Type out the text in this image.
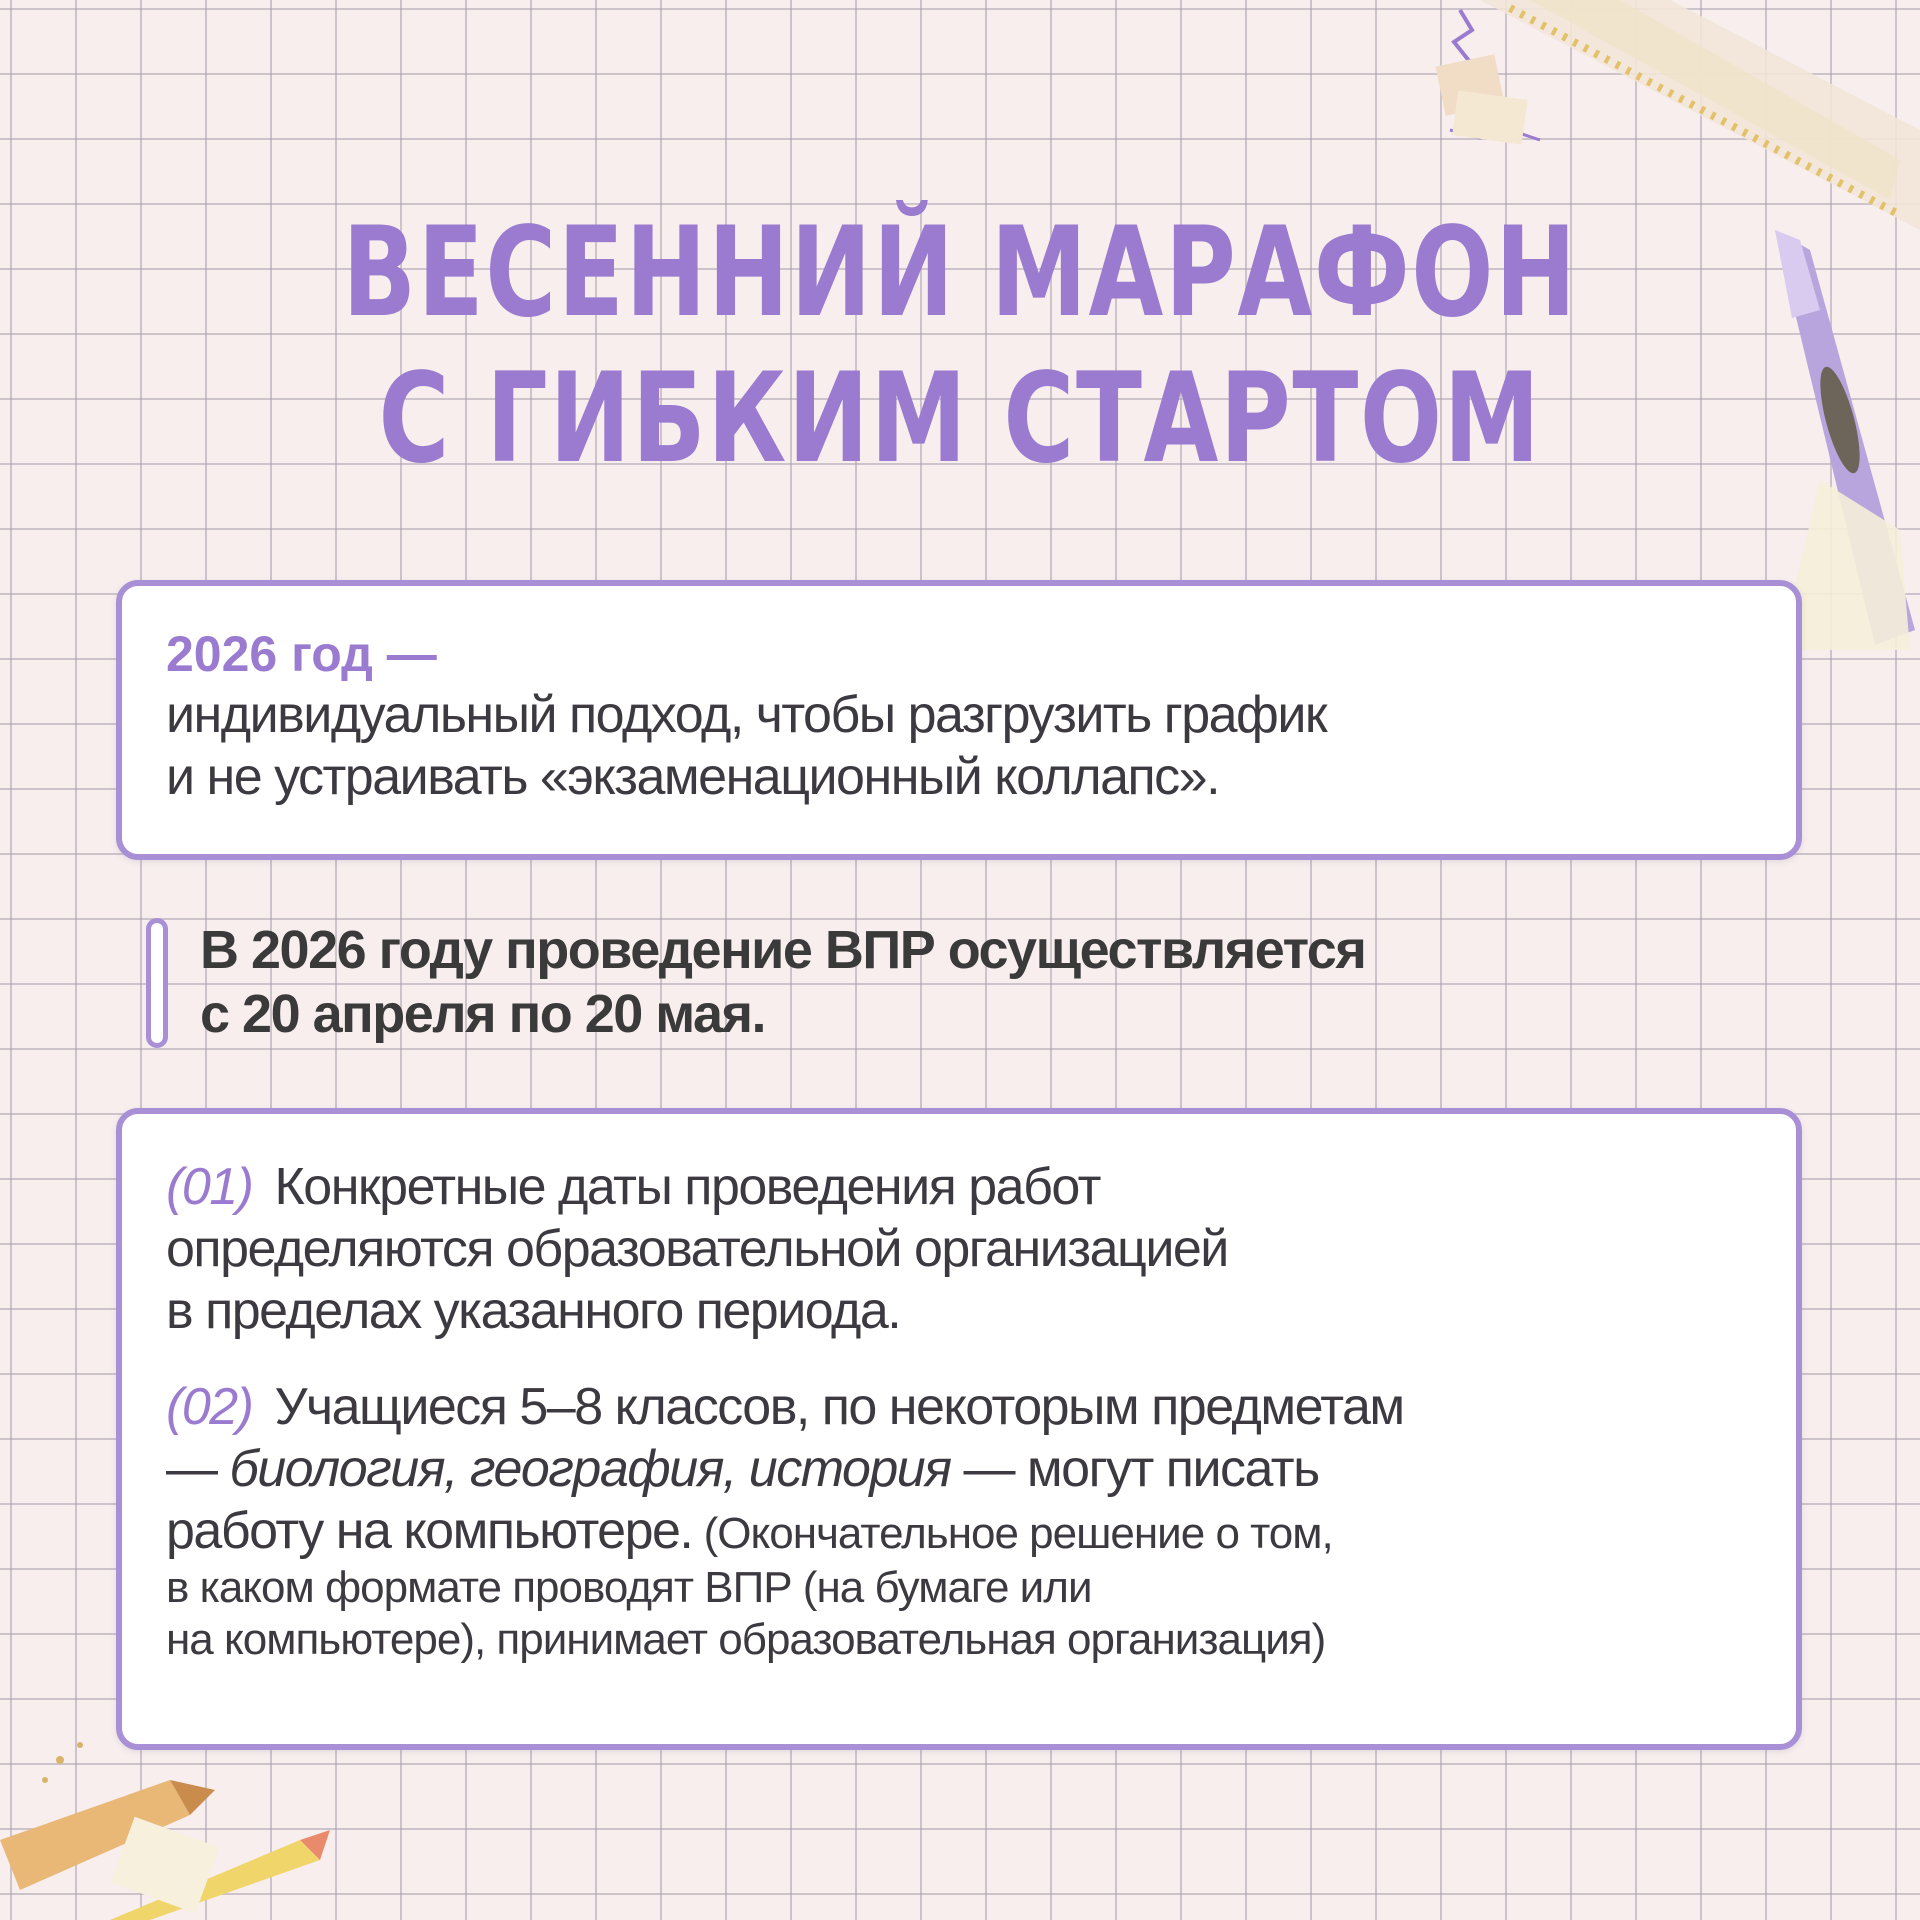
ВЕСЕННИЙ МАРАФОН
С ГИБКИМ СТАРТОМ
2026 год —
индивидуальный подход, чтобы разгрузить график
и не устраивать «экзаменационный коллапс».
В 2026 году проведение ВПР осуществляется
с 20 апреля по 20 мая.
(01) Конкретные даты проведения работ
определяются образовательной организацией
в пределах указанного периода.
(02) Учащиеся 5–8 классов, по некоторым предметам
— биология, география, история — могут писать
работу на компьютере. (Окончательное решение о том,
в каком формате проводят ВПР (на бумаге или
на компьютере), принимает образовательная организация)
